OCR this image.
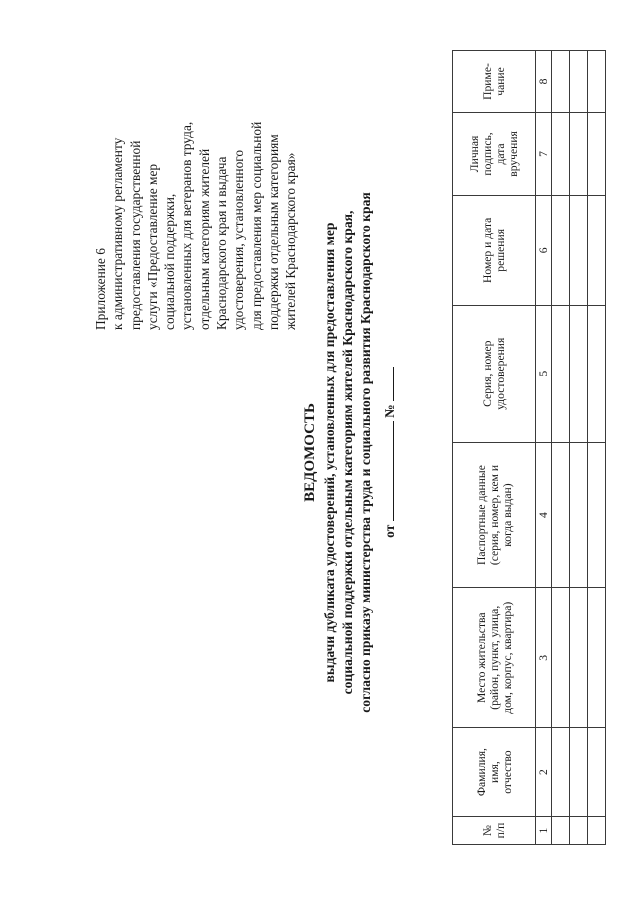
Приложение 6 к административному регламенту предоставления государственной услуги «Предоставление мер социальной поддержки, установленных для ветеранов труда, отдельным категориям жителей Краснодарского края и выдача удостоверения, установленного для предоставления мер социальной поддержки отдельным категориям жителей Краснодарского края»
ВЕДОМОСТЬ выдачи дубликата удостоверений, установленных для предоставления мер социальной поддержки отдельным категориям жителей Краснодарского края, согласно приказу министерства труда и социального развития Краснодарского края от  №
№ п/п	Фамилия, имя, отчество	Место жительства (район, пункт, улица, дом, корпус, квартира)	Паспортные данные (серия, номер, кем и когда выдан)	Серия, номер удостоверения	Номер и дата решения	Личная подпись, дата вручения	Приме- чание

1	2	3	4	5	6	7	8
